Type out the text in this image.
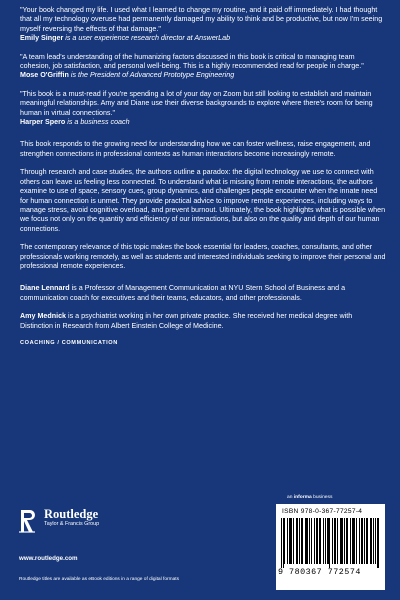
"Your book changed my life. I used what I learned to change my routine, and it paid off immediately. I had thought that all my technology overuse had permanently damaged my ability to think and be productive, but now I'm seeing myself reversing the effects of that damage."

Emily Singer is a user experience research director at AnswerLab

"A team lead's understanding of the humanizing factors discussed in this book is critical to managing team cohesion, job satisfaction, and personal well-being. This is a highly recommended read for people in charge."

Mose O'Griffin is the President of Advanced Prototype Engineering

"This book is a must-read if you're spending a lot of your day on Zoom but still looking to establish and maintain meaningful relationships. Amy and Diane use their diverse backgrounds to explore where there's room for being human in virtual connections."

Harper Spero is a business coach

This book responds to the growing need for understanding how we can foster wellness, raise engagement, and strengthen connections in professional contexts as human interactions become increasingly remote.

Through research and case studies, the authors outline a paradox: the digital technology we use to connect with others can leave us feeling less connected. To understand what is missing from remote interactions, the authors examine to use of space, sensory cues, group dynamics, and challenges people encounter when the innate need for human connection is unmet. They provide practical advice to improve remote experiences, including ways to manage stress, avoid cognitive overload, and prevent burnout. Ultimately, the book highlights what is possible when we focus not only on the quantity and efficiency of our interactions, but also on the quality and depth of our human connections.

The contemporary relevance of this topic makes the book essential for leaders, coaches, consultants, and other professionals working remotely, as well as students and interested individuals seeking to improve their personal and professional remote experiences.

Diane Lennard is a Professor of Management Communication at NYU Stern School of Business and a communication coach for executives and their teams, educators, and other professionals.

Amy Mednick is a psychiatrist working in her own private practice. She received her medical degree with Distinction in Research from Albert Einstein College of Medicine.

COACHING / COMMUNICATION
Routledge
Taylor & Francis Group
www.routledge.com
Routledge titles are available as eBook editions in a range of digital formats
an informa business
ISBN 978-0-367-77257-4
9 780367 772574
